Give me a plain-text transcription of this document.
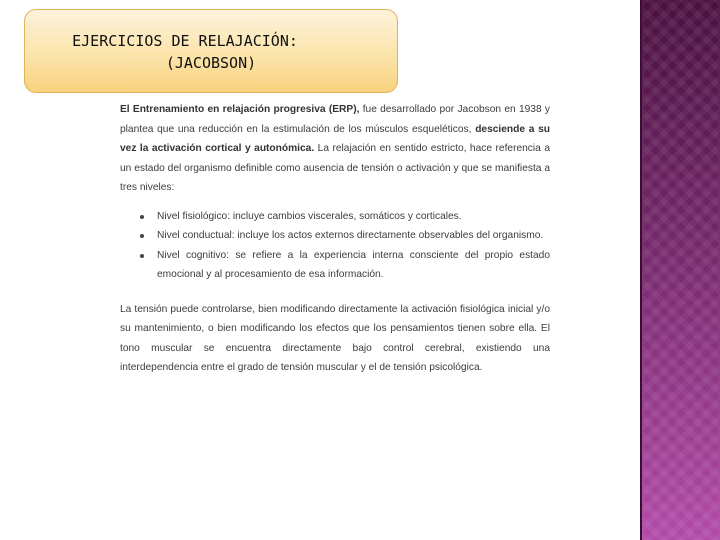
EJERCICIOS DE RELAJACIÓN:
(JACOBSON)

El Entrenamiento en relajación progresiva (ERP), fue desarrollado por Jacobson en 1938 y plantea que una reducción en la estimulación de los músculos esqueléticos, desciende a su vez la activación cortical y autonómica. La relajación en sentido estricto, hace referencia a un estado del organismo definible como ausencia de tensión o activación y que se manifiesta a tres niveles:

Nivel fisiológico: incluye cambios viscerales, somáticos y corticales.
Nivel conductual: incluye los actos externos directamente observables del organismo.
Nivel cognitivo: se refiere a la experiencia interna consciente del propio estado emocional y al procesamiento de esa información.

La tensión puede controlarse, bien modificando directamente la activación fisiológica inicial y/o su mantenimiento, o bien modificando los efectos que los pensamientos tienen sobre ella. El tono muscular se encuentra directamente bajo control cerebral, existiendo una interdependencia entre el grado de tensión muscular y el de tensión psicológica.
